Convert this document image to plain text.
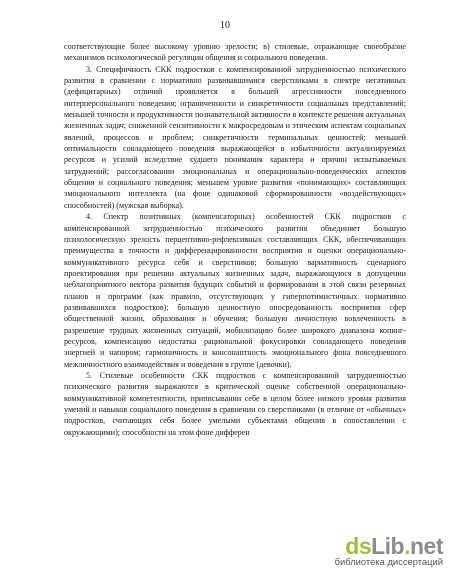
10

соответствующие более высокому уровню зрелости; в) стилевые, отражающие своеобразие механизмов психологической регуляции общения и социального поведения.

3. Специфичность СКК подростков с компенсированной затрудненностью психического развития в сравнении с нормативно развивавшимися сверстниками в спектре негативных (дефицитарных) отличий проявляется в большей агрессивности повседневного интерперсонального поведения; ограниченности и синкретичности социальных представлений; меньшей точности и продуктивности познавательной активности в контексте решения актуальных жизненных задач; сниженной сензитивности к макросредовым и этическим аспектам социальных явлений, процессов и проблем; синкретичности терминальных ценностей; меньшей оптимальности совладающего поведения выражающейся в избыточности актуализируемых ресурсов и усилий вследствие худшего понимания характера и причин испытываемых затруднений; рассогласовании эмоциональных и операционально-поведенческих аспектов общения и социального поведения; меньшем уровне развития «понимающих» составляющих эмоционального интеллекта (на фоне одинаковой сформированности «воздействующих» способностей) (мужская выборка).

4. Спектр позитивных (компенсаторных) особенностей СКК подростков с компенсированной затрудненностью психического развития объединяет большую психологическую зрелость перцептивно-рефлексивных составляющих СКК, обеспечивающих преимущества в точности и дифференцированности восприятия и оценки операционально-коммуникативного ресурса себя и сверстников; большую вариативность сценарного проектирования при решении актуальных жизненных задач, выражающуюся в допущении неблагоприятного вектора развития будущих событий и формировании в этой связи резервных планов и программ (как правило, отсутствующих у гиперпотимистичных нормативно развивавшихся подростков); большую ценностную опосредованность восприятия сфер общественной жизни, образования и обучения; большую личностную вовлеченность в разрешение трудных жизненных ситуаций, мобилизацию более широкого диапазона копинг-ресурсов, компенсацию недостатка рациональной фокусировки совладающего поведения энергией и напором; гармоничность и консонантность эмоционального фона повседневного межличностного взаимодействия и поведения в группе (девочки).

5. Стилевые особенности СКК подростков с компенсированной затрудненностью психического развития выражаются в критической оценке собственной операционально-коммуникативной компетентности, приписывании себе в целом более низкого уровня развития умений и навыков социального поведения в сравнении со сверстниками (в отличие от «обычных» подростков, считающих себя более умелыми субъектами общения в сопоставлении с окружающими); способности на этом фоне дифферен

dsLib.net
библиотека диссертаций
